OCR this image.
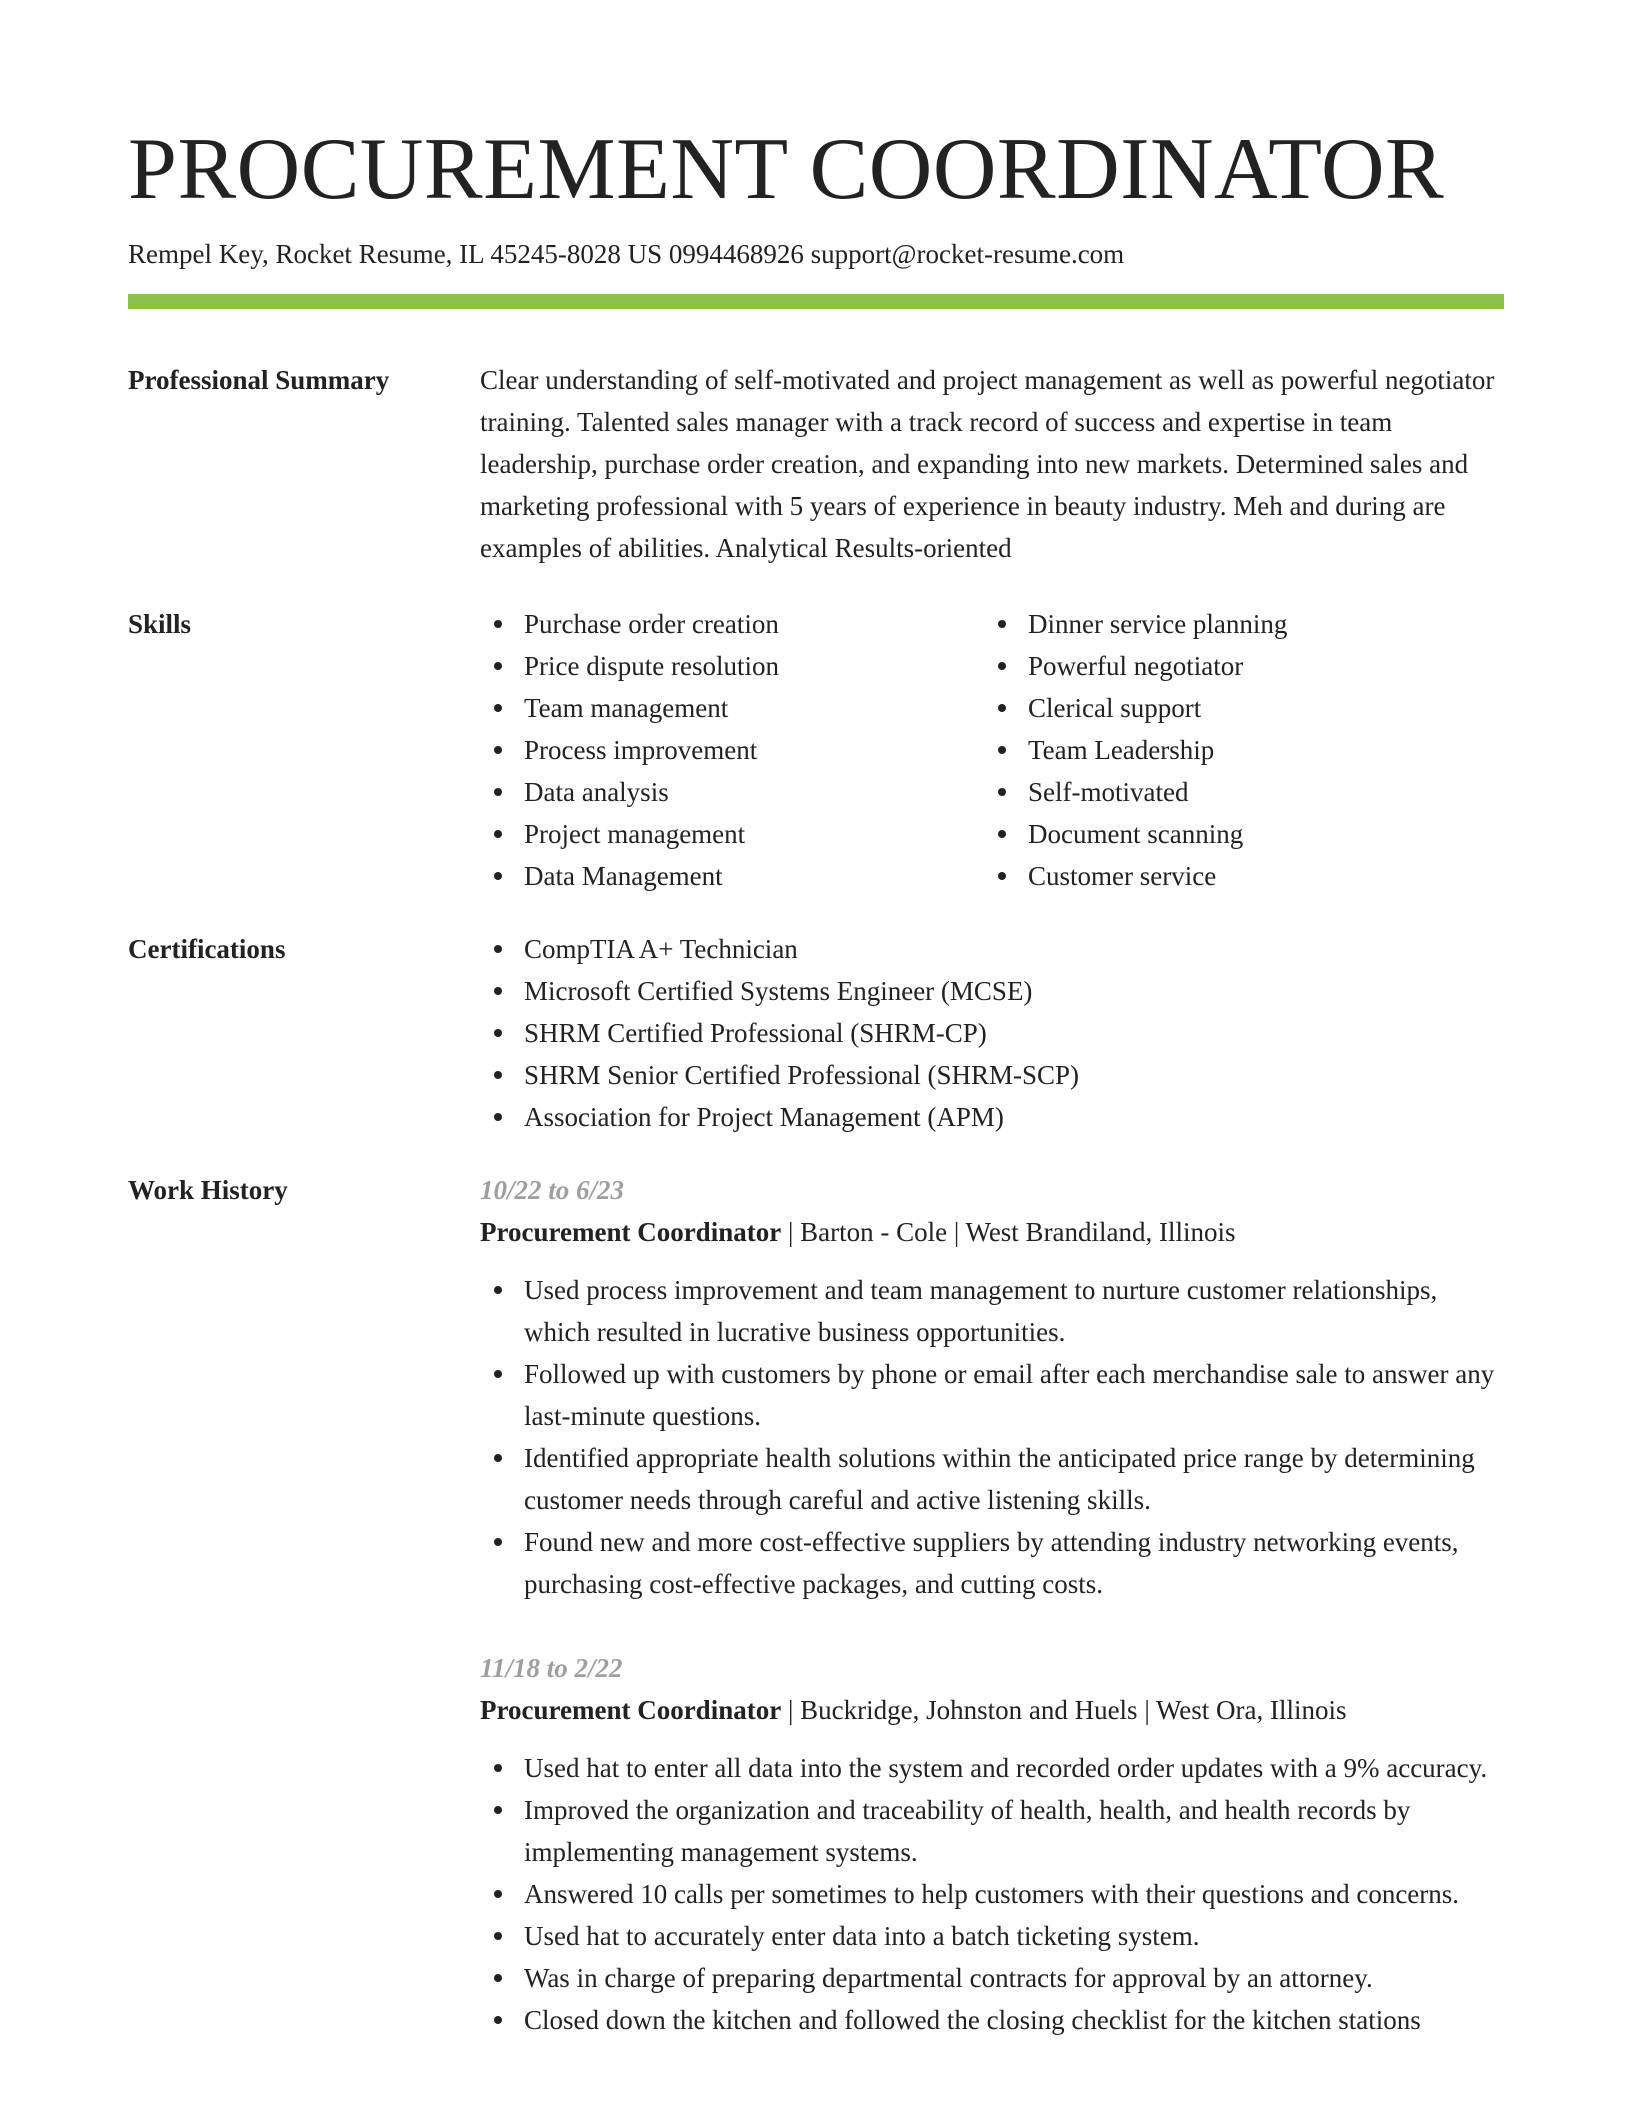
PROCUREMENT COORDINATOR
Rempel Key, Rocket Resume, IL 45245-8028 US 0994468926 support@rocket-resume.com
Professional Summary	Clear understanding of self-motivated and project management as well as powerful negotiator training. Talented sales manager with a track record of success and expertise in team leadership, purchase order creation, and expanding into new markets. Determined sales and marketing professional with 5 years of experience in beauty industry. Meh and during are examples of abilities. Analytical Results-oriented

Skills	Purchase order creation
Price dispute resolution
Team management
Process improvement
Data analysis
Project management
Data Management
Dinner service planning
Powerful negotiator
Clerical support
Team Leadership
Self-motivated
Document scanning
Customer service
Certifications	CompTIA A+ Technician
Microsoft Certified Systems Engineer (MCSE)
SHRM Certified Professional (SHRM-CP)
SHRM Senior Certified Professional (SHRM-SCP)
Association for Project Management (APM)
Work History	10/22 to 6/23
Procurement Coordinator | Barton - Cole | West Brandiland, Illinois
Used process improvement and team management to nurture customer relationships, which resulted in lucrative business opportunities.
Followed up with customers by phone or email after each merchandise sale to answer any last-minute questions.
Identified appropriate health solutions within the anticipated price range by determining customer needs through careful and active listening skills.
Found new and more cost-effective suppliers by attending industry networking events, purchasing cost-effective packages, and cutting costs.
11/18 to 2/22
Procurement Coordinator | Buckridge, Johnston and Huels | West Ora, Illinois
Used hat to enter all data into the system and recorded order updates with a 9% accuracy.
Improved the organization and traceability of health, health, and health records by implementing management systems.
Answered 10 calls per sometimes to help customers with their questions and concerns.
Used hat to accurately enter data into a batch ticketing system.
Was in charge of preparing departmental contracts for approval by an attorney.
Closed down the kitchen and followed the closing checklist for the kitchen stations
